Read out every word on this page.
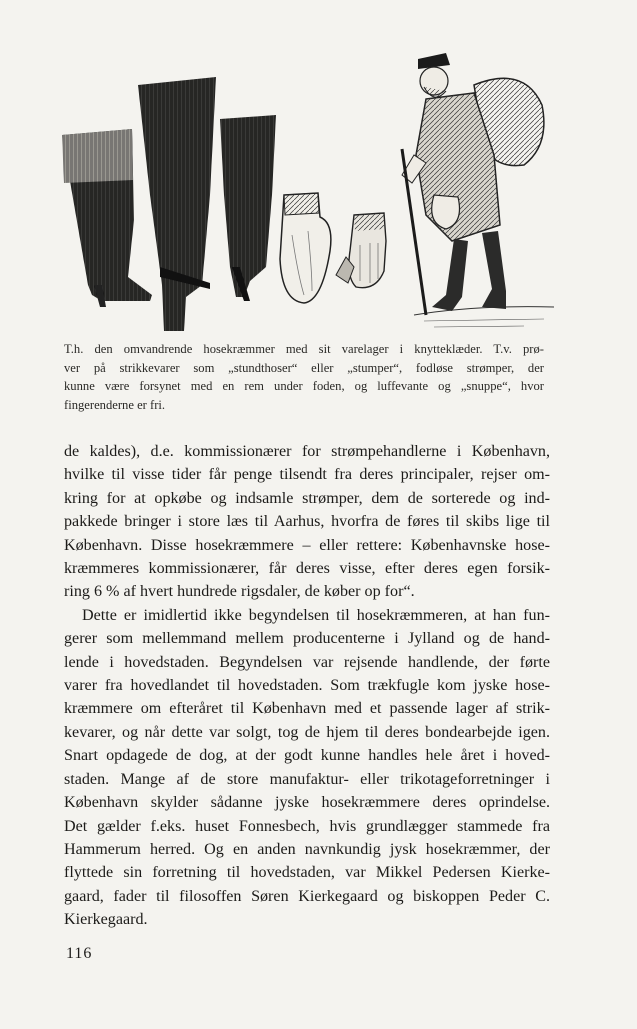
T.h. den omvandrende hosekræmmer med sit varelager i knytteklæder. T.v. prø-
ver på strikkevarer som „stundthoser“ eller „stumper“, fodløse strømper, der
kunne være forsynet med en rem under foden, og luffevante og „snuppe“, hvor
fingerenderne er fri.
de kaldes), d.e. kommissionærer for strømpehandlerne i København,
hvilke til visse tider får penge tilsendt fra deres principaler, rejser om-
kring for at opkøbe og indsamle strømper, dem de sorterede og ind-
pakkede bringer i store læs til Aarhus, hvorfra de føres til skibs lige til
København. Disse hosekræmmere – eller rettere: Københavnske hose-
kræmmeres kommissionærer, får deres visse, efter deres egen forsik-
ring 6 % af hvert hundrede rigsdaler, de køber op for“.
Dette er imidlertid ikke begyndelsen til hosekræmmeren, at han fun-
gerer som mellemmand mellem producenterne i Jylland og de hand-
lende i hovedstaden. Begyndelsen var rejsende handlende, der førte
varer fra hovedlandet til hovedstaden. Som trækfugle kom jyske hose-
kræmmere om efteråret til København med et passende lager af strik-
kevarer, og når dette var solgt, tog de hjem til deres bondearbejde igen.
Snart opdagede de dog, at der godt kunne handles hele året i hoved-
staden. Mange af de store manufaktur- eller trikotageforretninger i
København skylder sådanne jyske hosekræmmere deres oprindelse.
Det gælder f.eks. huset Fonnesbech, hvis grundlægger stammede fra
Hammerum herred. Og en anden navnkundig jysk hosekræmmer, der
flyttede sin forretning til hovedstaden, var Mikkel Pedersen Kierke-
gaard, fader til filosoffen Søren Kierkegaard og biskoppen Peder C.
Kierkegaard.
116
